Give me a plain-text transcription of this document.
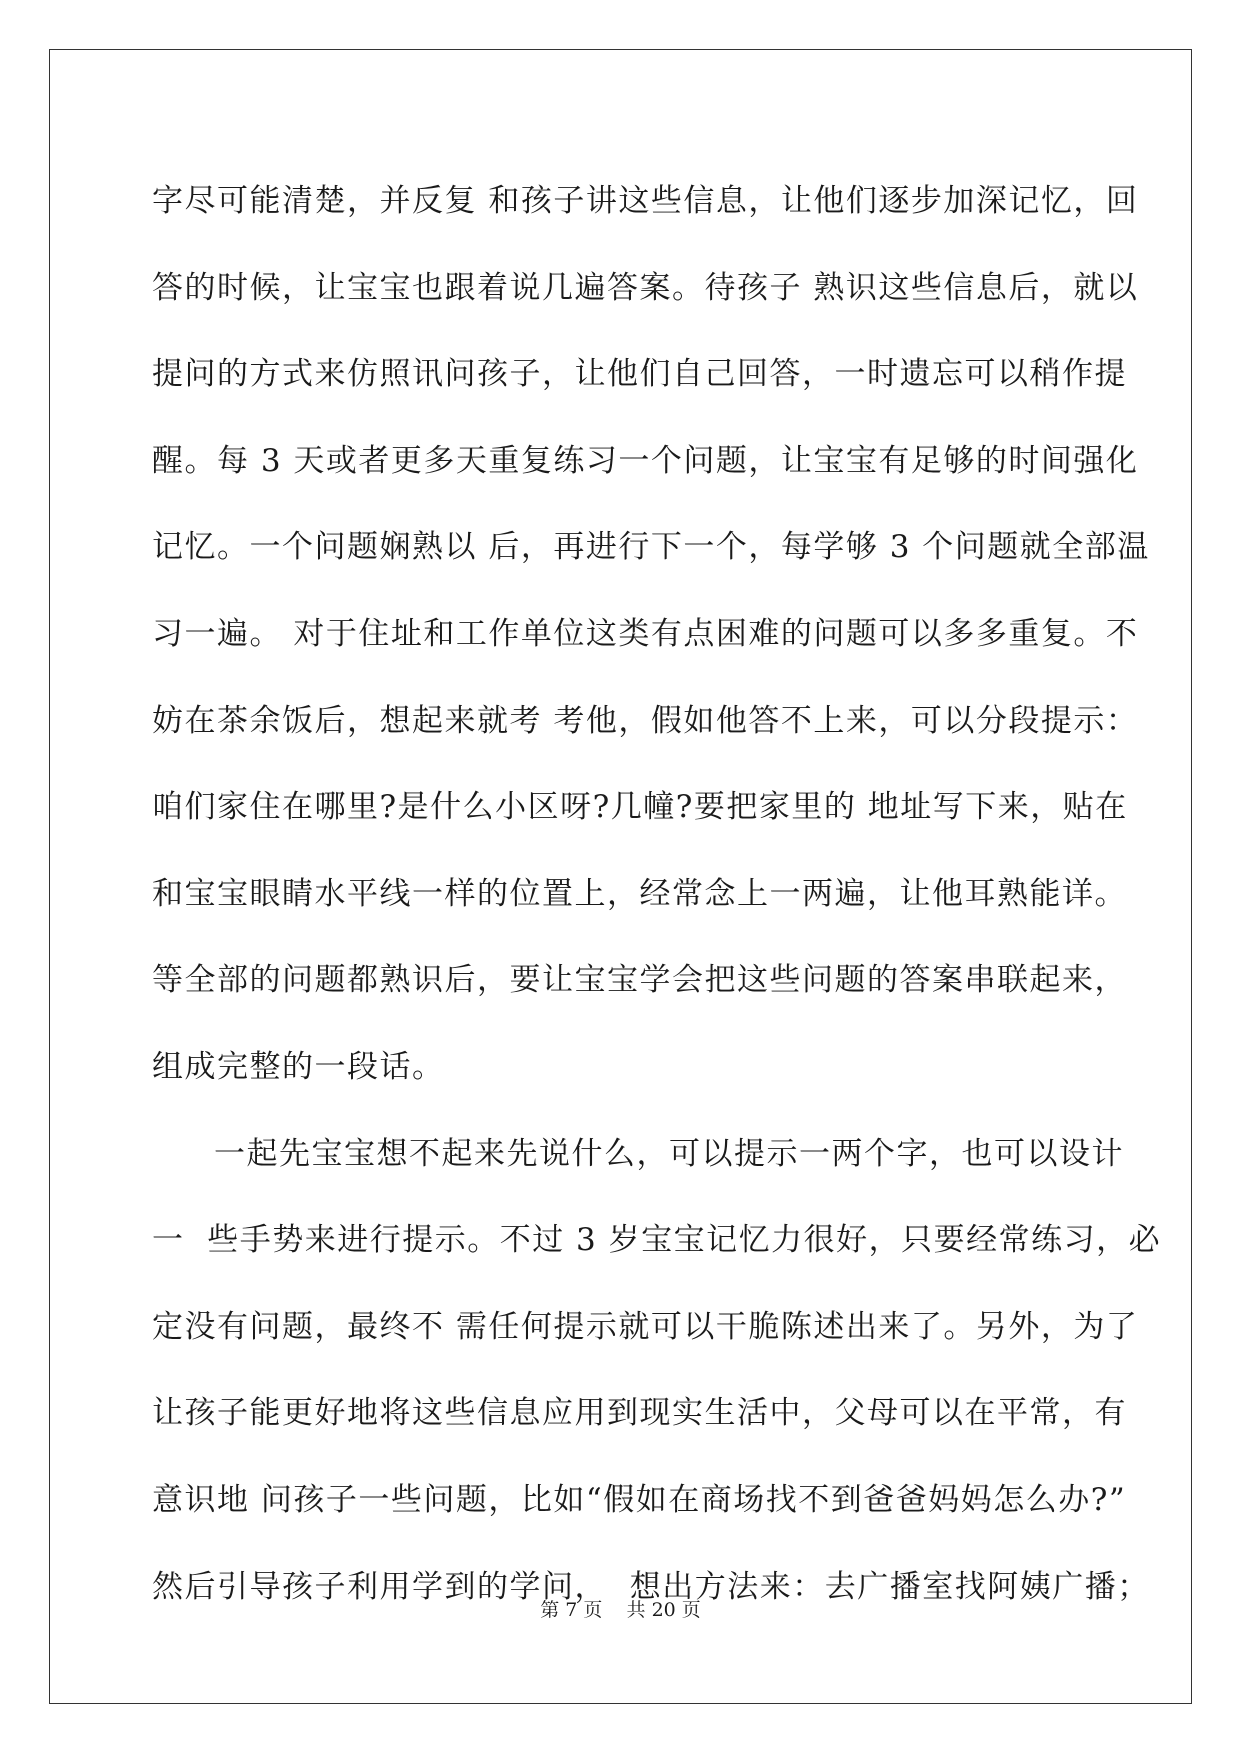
字尽可能清楚，并反复 和孩子讲这些信息，让他们逐步加深记忆，回
答的时候，让宝宝也跟着说几遍答案。待孩子 熟识这些信息后，就以
提问的方式来仿照讯问孩子，让他们自己回答，一时遗忘可以稍作提
醒。每 3 天或者更多天重复练习一个问题，让宝宝有足够的时间强化
记忆。一个问题娴熟以 后，再进行下一个，每学够 3 个问题就全部温
习一遍。 对于住址和工作单位这类有点困难的问题可以多多重复。不
妨在茶余饭后，想起来就考 考他，假如他答不上来，可以分段提示：
咱们家住在哪里?是什么小区呀?几幢?要把家里的 地址写下来，贴在
和宝宝眼睛水平线一样的位置上，经常念上一两遍，让他耳熟能详。
等全部的问题都熟识后，要让宝宝学会把这些问题的答案串联起来，
组成完整的一段话。
一起先宝宝想不起来先说什么，可以提示一两个字，也可以设计
一  些手势来进行提示。不过 3 岁宝宝记忆力很好，只要经常练习，必
定没有问题，最终不 需任何提示就可以干脆陈述出来了。另外，为了
让孩子能更好地将这些信息应用到现实生活中，父母可以在平常，有
意识地 问孩子一些问题，比如“假如在商场找不到爸爸妈妈怎么办?”
然后引导孩子利用学到的学问，  想出方法来：去广播室找阿姨广播；
第 7 页    共 20 页
